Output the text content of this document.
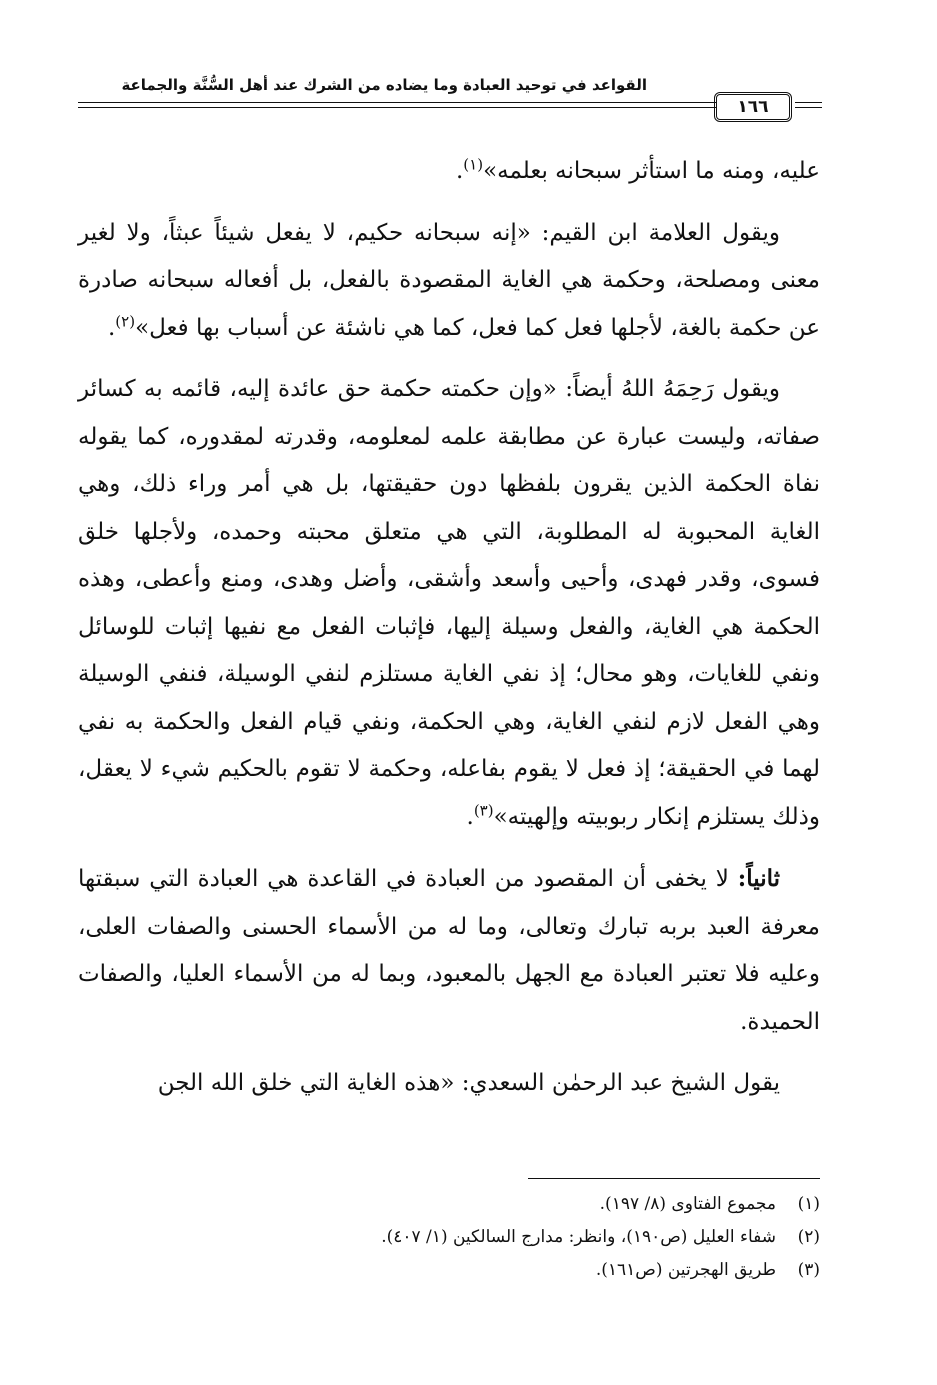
القواعد في توحيد العبادة وما يضاده من الشرك عند أهل السُّنَّة والجماعة
١٦٦

عليه، ومنه ما استأثر سبحانه بعلمه»$^{(١)}$.

ويقول العلامة ابن القيم: «إنه سبحانه حكيم، لا يفعل شيئاً عبثاً، ولا لغير معنى ومصلحة، وحكمة هي الغاية المقصودة بالفعل، بل أفعاله سبحانه صادرة عن حكمة بالغة، لأجلها فعل كما فعل، كما هي ناشئة عن أسباب بها فعل»$^{(٢)}$.

ويقول رَحِمَهُ اللهُ أيضاً: «وإن حكمته حكمة حق عائدة إليه، قائمه به كسائر صفاته، وليست عبارة عن مطابقة علمه لمعلومه، وقدرته لمقدوره، كما يقوله نفاة الحكمة الذين يقرون بلفظها دون حقيقتها، بل هي أمر وراء ذلك، وهي الغاية المحبوبة له المطلوبة، التي هي متعلق محبته وحمده، ولأجلها خلق فسوى، وقدر فهدى، وأحيى وأسعد وأشقى، وأضل وهدى، ومنع وأعطى، وهذه الحكمة هي الغاية، والفعل وسيلة إليها، فإثبات الفعل مع نفيها إثبات للوسائل ونفي للغايات، وهو محال؛ إذ نفي الغاية مستلزم لنفي الوسيلة، فنفي الوسيلة وهي الفعل لازم لنفي الغاية، وهي الحكمة، ونفي قيام الفعل والحكمة به نفي لهما في الحقيقة؛ إذ فعل لا يقوم بفاعله، وحكمة لا تقوم بالحكيم شيء لا يعقل، وذلك يستلزم إنكار ربوبيته وإلهيته»$^{(٣)}$.

ثانياً: لا يخفى أن المقصود من العبادة في القاعدة هي العبادة التي سبقتها معرفة العبد بربه تبارك وتعالى، وما له من الأسماء الحسنى والصفات العلى، وعليه فلا تعتبر العبادة مع الجهل بالمعبود، وبما له من الأسماء العليا، والصفات الحميدة.

يقول الشيخ عبد الرحمٰن السعدي: «هذه الغاية التي خلق الله الجن

(١)
مجموع الفتاوى (٨/ ١٩٧).
(٢)
شفاء العليل (ص١٩٠)، وانظر: مدارج السالكين (١/ ٤٠٧).
(٣)
طريق الهجرتين (ص١٦١).
